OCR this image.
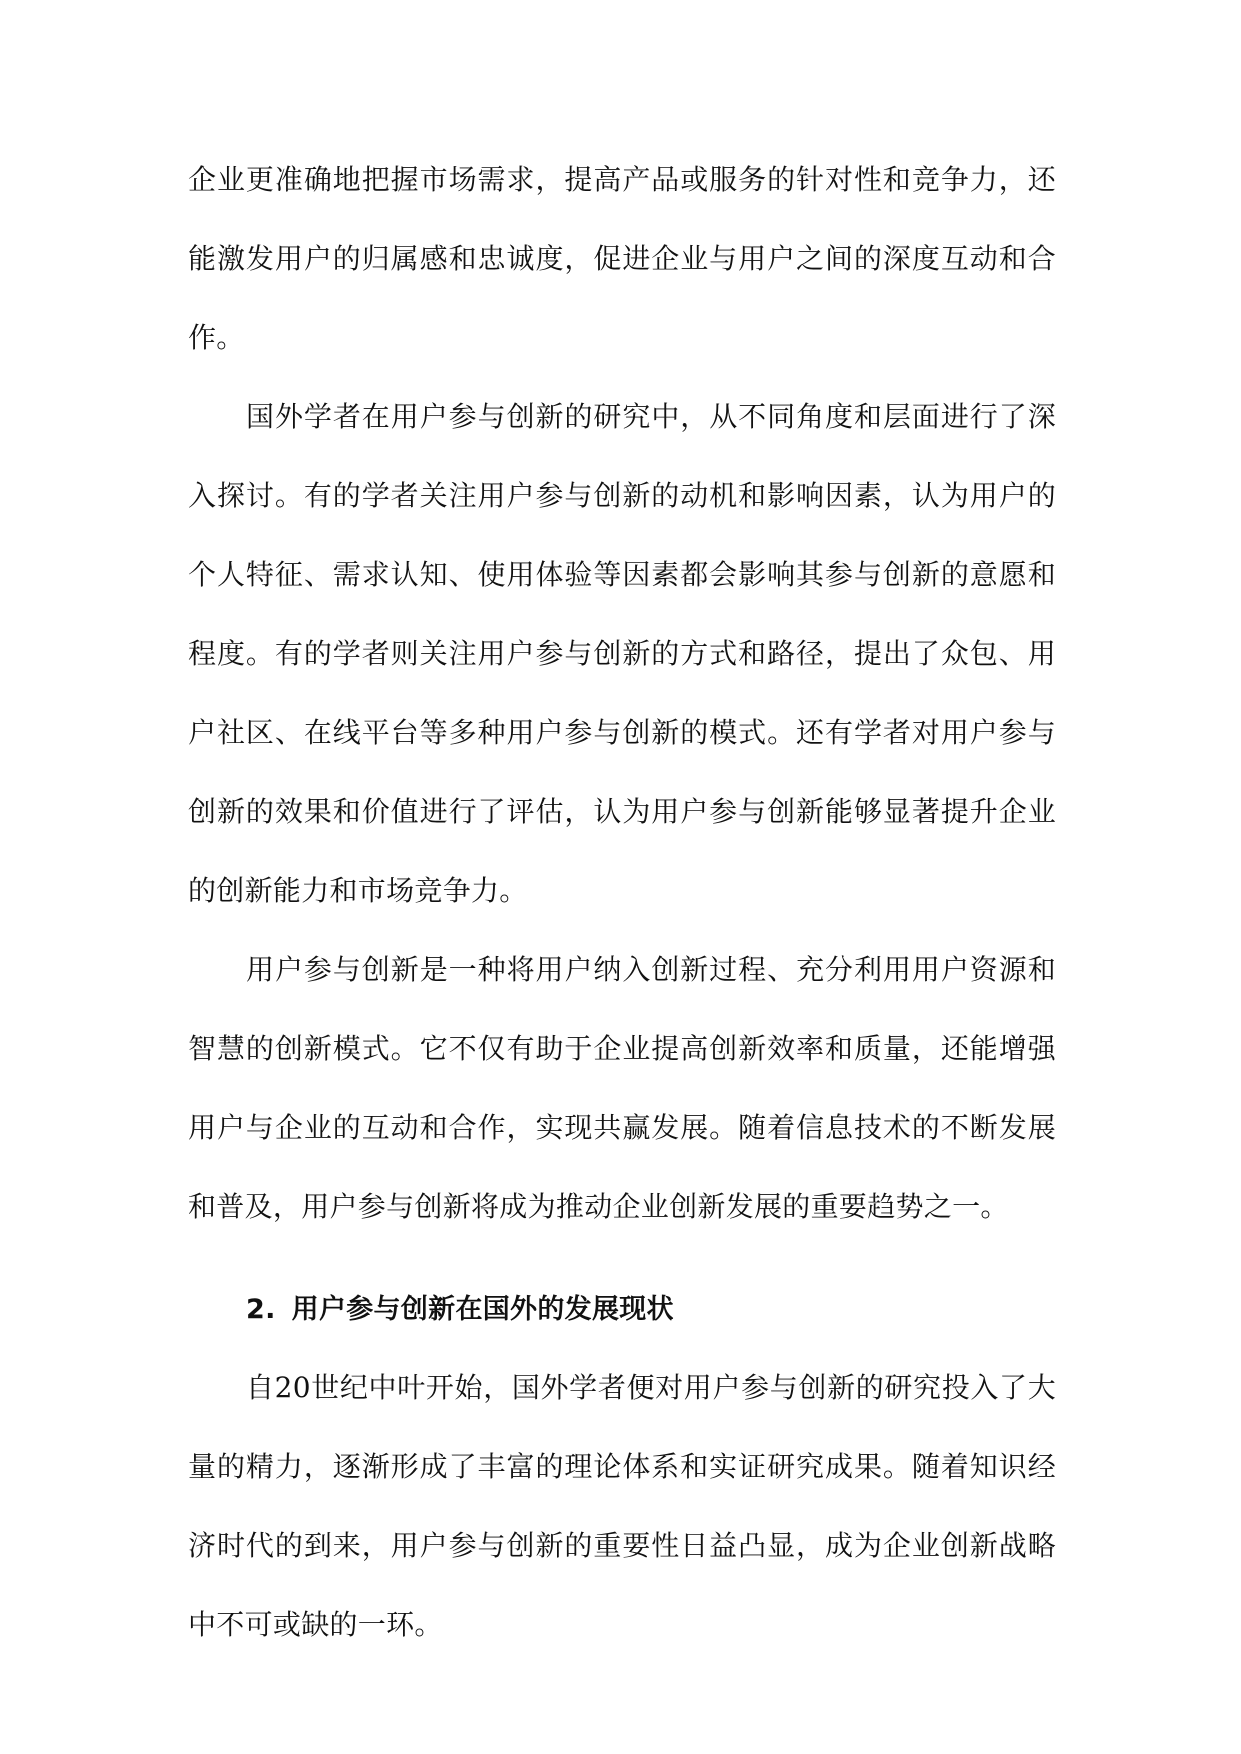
企业更准确地把握市场需求，提高产品或服务的针对性和竞争力，还能激发用户的归属感和忠诚度，促进企业与用户之间的深度互动和合作。

国外学者在用户参与创新的研究中，从不同角度和层面进行了深入探讨。有的学者关注用户参与创新的动机和影响因素，认为用户的个人特征、需求认知、使用体验等因素都会影响其参与创新的意愿和程度。有的学者则关注用户参与创新的方式和路径，提出了众包、用户社区、在线平台等多种用户参与创新的模式。还有学者对用户参与创新的效果和价值进行了评估，认为用户参与创新能够显著提升企业的创新能力和市场竞争力。

用户参与创新是一种将用户纳入创新过程、充分利用用户资源和智慧的创新模式。它不仅有助于企业提高创新效率和质量，还能增强用户与企业的互动和合作，实现共赢发展。随着信息技术的不断发展和普及，用户参与创新将成为推动企业创新发展的重要趋势之一。

2. 用户参与创新在国外的发展现状

自20世纪中叶开始，国外学者便对用户参与创新的研究投入了大量的精力，逐渐形成了丰富的理论体系和实证研究成果。随着知识经济时代的到来，用户参与创新的重要性日益凸显，成为企业创新战略中不可或缺的一环。
